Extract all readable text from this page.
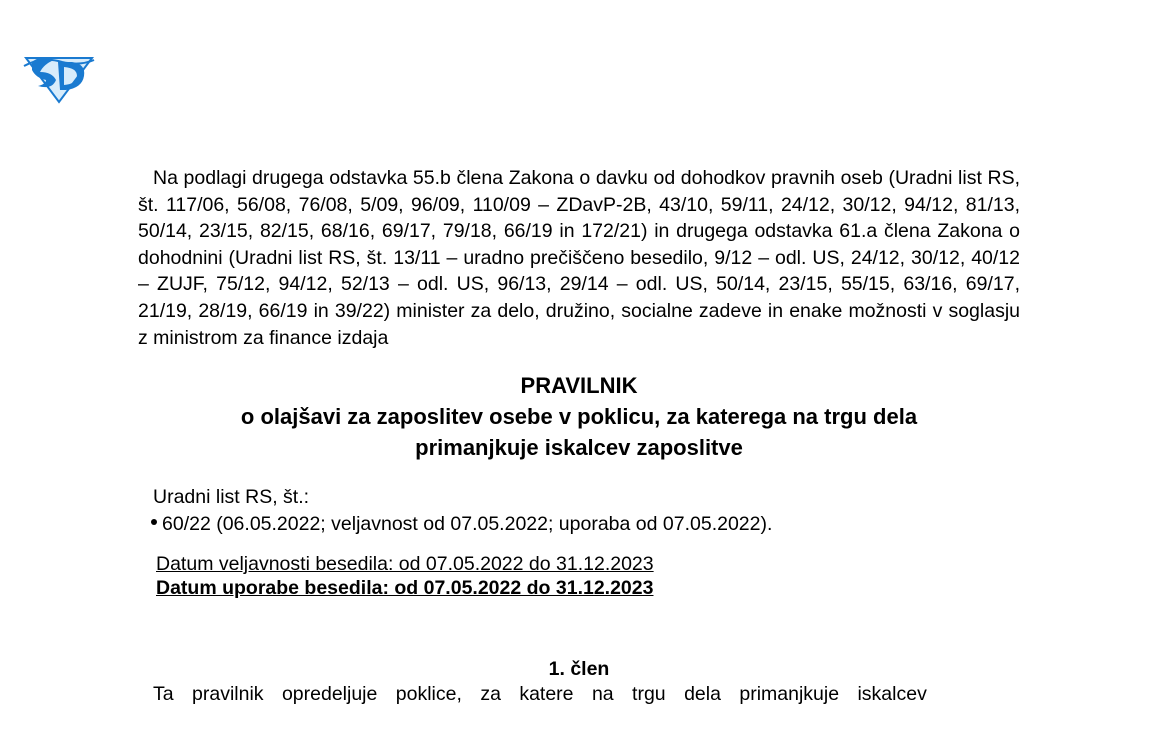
Na podlagi drugega odstavka 55.b člena Zakona o davku od dohodkov pravnih oseb (Uradni list RS, št. 117/06, 56/08, 76/08, 5/09, 96/09, 110/09 – ZDavP-2B, 43/10, 59/11, 24/12, 30/12, 94/12, 81/13, 50/14, 23/15, 82/15, 68/16, 69/17, 79/18, 66/19 in 172/21) in drugega odstavka 61.a člena Zakona o dohodnini (Uradni list RS, št. 13/11 – uradno prečiščeno besedilo, 9/12 – odl. US, 24/12, 30/12, 40/12 – ZUJF, 75/12, 94/12, 52/13 – odl. US, 96/13, 29/14 – odl. US, 50/14, 23/15, 55/15, 63/16, 69/17, 21/19, 28/19, 66/19 in 39/22) minister za delo, družino, socialne zadeve in enake možnosti v soglasju z ministrom za finance izdaja

PRAVILNIK
o olajšavi za zaposlitev osebe v poklicu, za katerega na trgu dela
primanjkuje iskalcev zaposlitve
Uradni list RS, št.:
60/22 (06.05.2022; veljavnost od 07.05.2022; uporaba od 07.05.2022).
Datum veljavnosti besedila: od 07.05.2022 do 31.12.2023
Datum uporabe besedila: od 07.05.2022 do 31.12.2023
1. člen

Ta pravilnik opredeljuje poklice, za katere na trgu dela primanjkuje iskalcev
